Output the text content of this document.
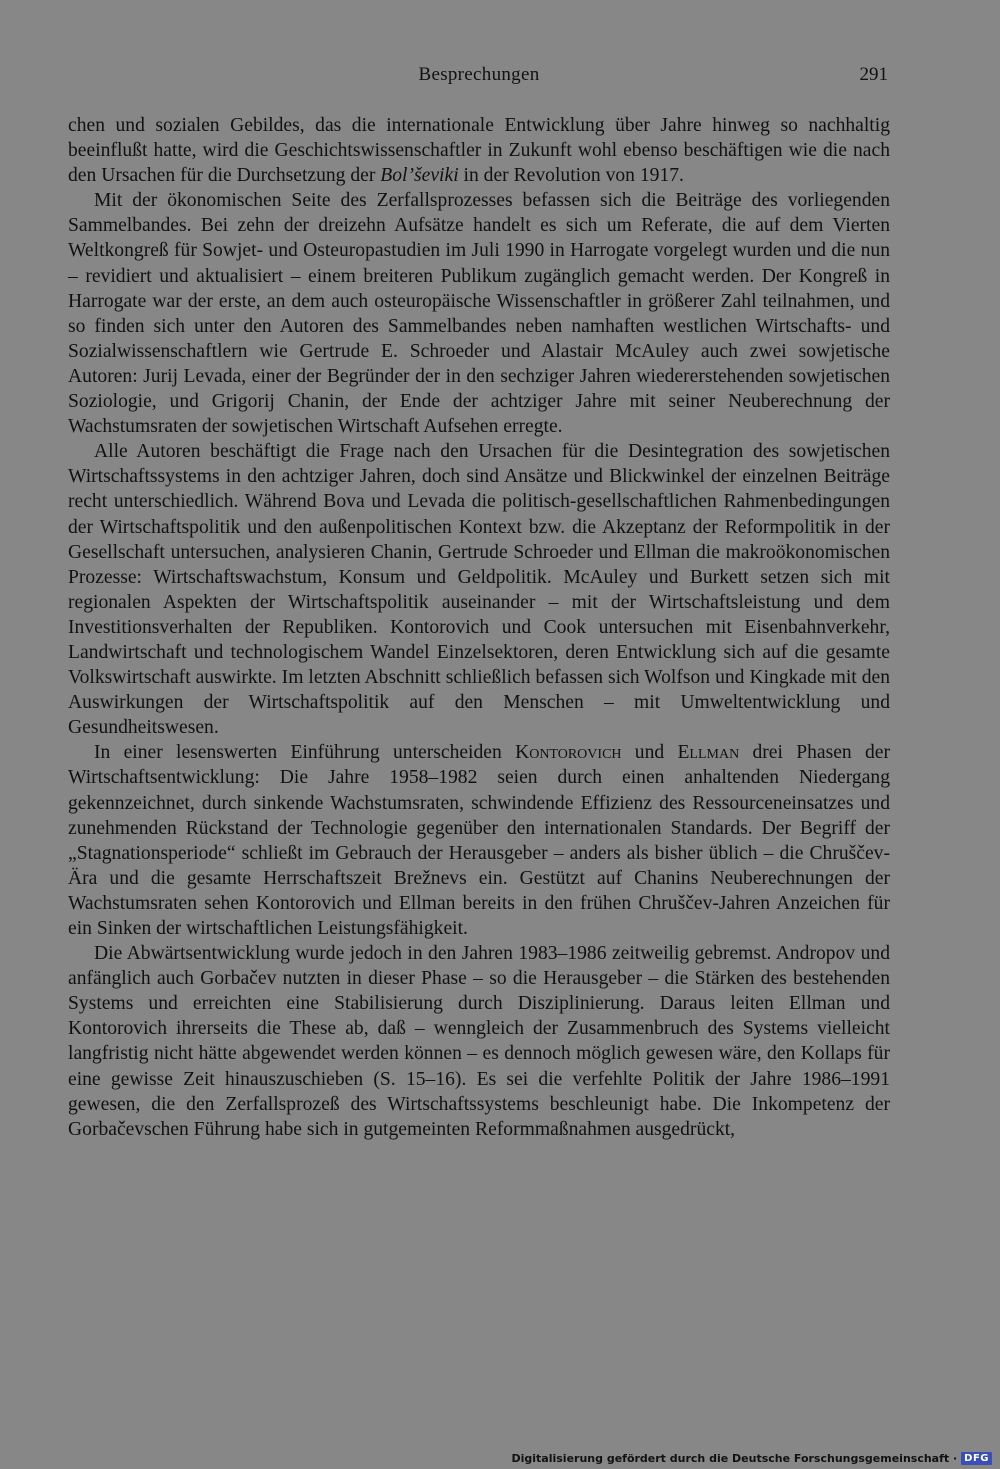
Besprechungen	291

chen und sozialen Gebildes, das die internationale Entwicklung über Jahre hinweg so nachhaltig beeinflußt hatte, wird die Geschichtswissenschaftler in Zukunft wohl ebenso beschäftigen wie die nach den Ursachen für die Durchsetzung der Bol’ševiki in der Revolution von 1917.

Mit der ökonomischen Seite des Zerfallsprozesses befassen sich die Beiträge des vorliegenden Sammelbandes. Bei zehn der dreizehn Aufsätze handelt es sich um Referate, die auf dem Vierten Weltkongreß für Sowjet- und Osteuropastudien im Juli 1990 in Harrogate vorgelegt wurden und die nun – revidiert und aktualisiert – einem breiteren Publikum zugänglich gemacht werden. Der Kongreß in Harrogate war der erste, an dem auch osteuropäische Wissenschaftler in größerer Zahl teilnahmen, und so finden sich unter den Autoren des Sammelbandes neben namhaften westlichen Wirtschafts- und Sozialwissenschaftlern wie Gertrude E. Schroeder und Alastair McAuley auch zwei sowjetische Autoren: Jurij Levada, einer der Begründer der in den sechziger Jahren wiedererstehenden sowjetischen Soziologie, und Grigorij Chanin, der Ende der achtziger Jahre mit seiner Neuberechnung der Wachstumsraten der sowjetischen Wirtschaft Aufsehen erregte.

Alle Autoren beschäftigt die Frage nach den Ursachen für die Desintegration des sowjetischen Wirtschaftssystems in den achtziger Jahren, doch sind Ansätze und Blickwinkel der einzelnen Beiträge recht unterschiedlich. Während Bova und Levada die politisch-gesellschaftlichen Rahmenbedingungen der Wirtschaftspolitik und den außenpolitischen Kontext bzw. die Akzeptanz der Reformpolitik in der Gesellschaft untersuchen, analysieren Chanin, Gertrude Schroeder und Ellman die makroökonomischen Prozesse: Wirtschaftswachstum, Konsum und Geldpolitik. McAuley und Burkett setzen sich mit regionalen Aspekten der Wirtschaftspolitik auseinander – mit der Wirtschaftsleistung und dem Investitionsverhalten der Republiken. Kontorovich und Cook untersuchen mit Eisenbahnverkehr, Landwirtschaft und technologischem Wandel Einzelsektoren, deren Entwicklung sich auf die gesamte Volkswirtschaft auswirkte. Im letzten Abschnitt schließlich befassen sich Wolfson und Kingkade mit den Auswirkungen der Wirtschaftspolitik auf den Menschen – mit Umweltentwicklung und Gesundheitswesen.

In einer lesenswerten Einführung unterscheiden Kontorovich und Ellman drei Phasen der Wirtschaftsentwicklung: Die Jahre 1958–1982 seien durch einen anhaltenden Niedergang gekennzeichnet, durch sinkende Wachstumsraten, schwindende Effizienz des Ressourceneinsatzes und zunehmenden Rückstand der Technologie gegenüber den internationalen Standards. Der Begriff der „Stagnationsperiode“ schließt im Gebrauch der Herausgeber – anders als bisher üblich – die Chruščev-Ära und die gesamte Herrschaftszeit Brežnevs ein. Gestützt auf Chanins Neuberechnungen der Wachstumsraten sehen Kontorovich und Ellman bereits in den frühen Chruščev-Jahren Anzeichen für ein Sinken der wirtschaftlichen Leistungsfähigkeit.

Die Abwärtsentwicklung wurde jedoch in den Jahren 1983–1986 zeitweilig gebremst. Andropov und anfänglich auch Gorbačev nutzten in dieser Phase – so die Herausgeber – die Stärken des bestehenden Systems und erreichten eine Stabilisierung durch Disziplinierung. Daraus leiten Ellman und Kontorovich ihrerseits die These ab, daß – wenngleich der Zusammenbruch des Systems vielleicht langfristig nicht hätte abgewendet werden können – es dennoch möglich gewesen wäre, den Kollaps für eine gewisse Zeit hinauszuschieben (S. 15–16). Es sei die verfehlte Politik der Jahre 1986–1991 gewesen, die den Zerfallsprozeß des Wirtschaftssystems beschleunigt habe. Die Inkompetenz der Gorbačevschen Führung habe sich in gutgemeinten Reformmaßnahmen ausgedrückt,

Digitalisierung gefördert durch die Deutsche Forschungsgemeinschaft · DFG
